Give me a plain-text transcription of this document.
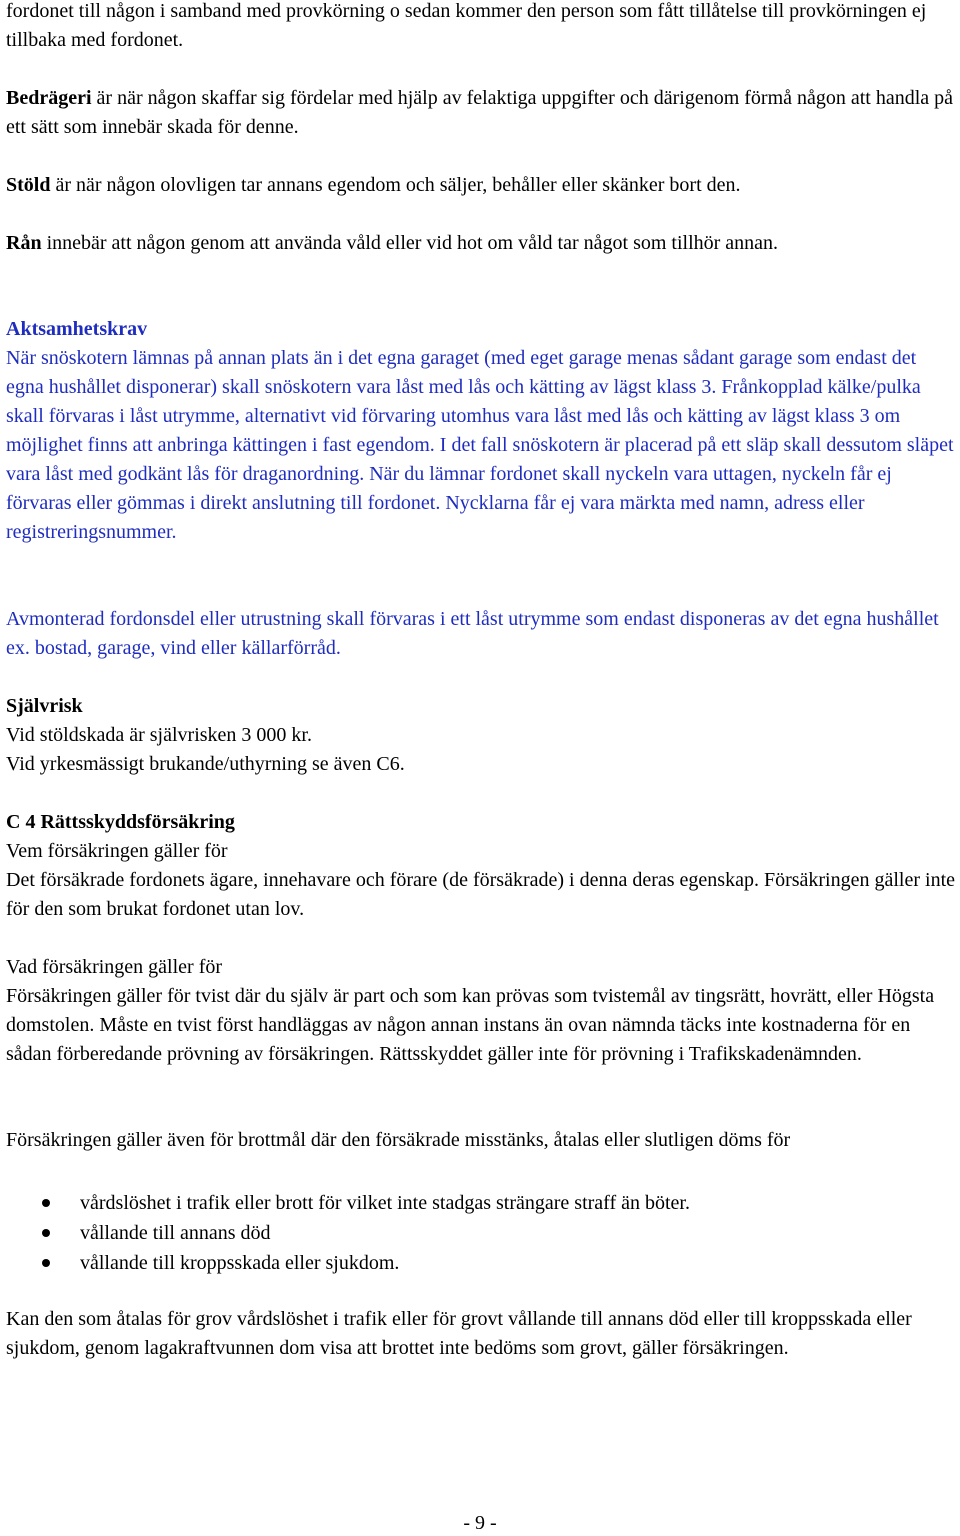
fordonet till någon i samband med provkörning o sedan kommer den person som fått tillåtelse till provkörningen ej tillbaka med fordonet.

Bedrägeri är när någon skaffar sig fördelar med hjälp av felaktiga uppgifter och därigenom förmå någon att handla på ett sätt som innebär skada för denne.

Stöld är när någon olovligen tar annans egendom och säljer, behåller eller skänker bort den.

Rån innebär att någon genom att använda våld eller vid hot om våld tar något som tillhör annan.

Aktsamhetskrav

När snöskotern lämnas på annan plats än i det egna garaget (med eget garage menas sådant garage som endast det egna hushållet disponerar) skall snöskotern vara låst med lås och kätting av lägst klass 3. Frånkopplad kälke/pulka skall förvaras i låst utrymme, alternativt vid förvaring utomhus vara låst med lås och kätting av lägst klass 3 om möjlighet finns att anbringa kättingen i fast egendom. I det fall snöskotern är placerad på ett släp skall dessutom släpet vara låst med godkänt lås för draganordning. När du lämnar fordonet skall nyckeln vara uttagen, nyckeln får ej förvaras eller gömmas i direkt anslutning till fordonet. Nycklarna får ej vara märkta med namn, adress eller registreringsnummer.

Avmonterad fordonsdel eller utrustning skall förvaras i ett låst utrymme som endast disponeras av det egna hushållet ex. bostad, garage, vind eller källarförråd.

Självrisk

Vid stöldskada är självrisken 3 000 kr.

Vid yrkesmässigt brukande/uthyrning se även C6.

C 4 Rättsskyddsförsäkring

Vem försäkringen gäller för

Det försäkrade fordonets ägare, innehavare och förare (de försäkrade) i denna deras egenskap. Försäkringen gäller inte för den som brukat fordonet utan lov.

Vad försäkringen gäller för

Försäkringen gäller för tvist där du själv är part och som kan prövas som tvistemål av tingsrätt, hovrätt, eller Högsta domstolen. Måste en tvist först handläggas av någon annan instans än ovan nämnda täcks inte kostnaderna för en sådan förberedande prövning av försäkringen. Rättsskyddet gäller inte för prövning i Trafikskadenämnden.

Försäkringen gäller även för brottmål där den försäkrade misstänks, åtalas eller slutligen döms för

vårdslöshet i trafik eller brott för vilket inte stadgas strängare straff än böter.
vållande till annans död
vållande till kroppsskada eller sjukdom.

Kan den som åtalas för grov vårdslöshet i trafik eller för grovt vållande till annans död eller till kroppsskada eller sjukdom, genom lagakraftvunnen dom visa att brottet inte bedöms som grovt, gäller försäkringen.

- 9 -
